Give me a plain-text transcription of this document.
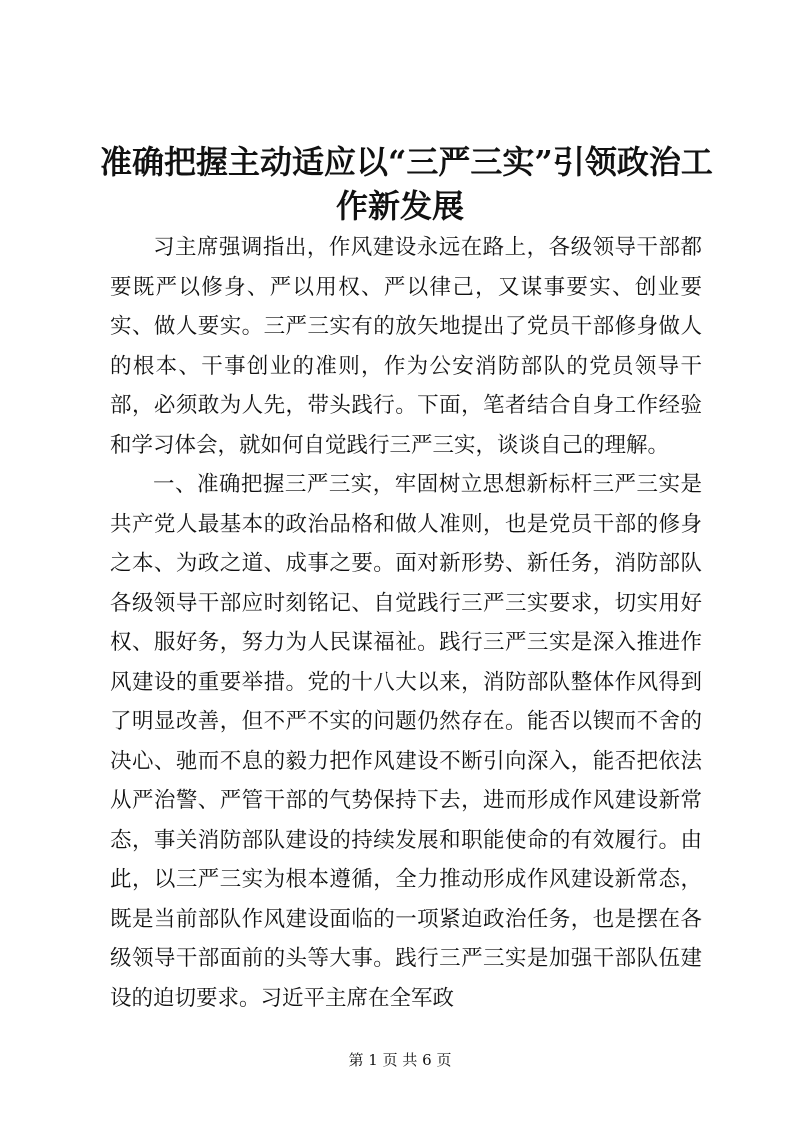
准确把握主动适应以“三严三实”引领政治工
作新发展

习主席强调指出，作风建设永远在路上，各级领导干部都要既严以修身、严以用权、严以律己，又谋事要实、创业要实、做人要实。三严三实有的放矢地提出了党员干部修身做人的根本、干事创业的准则，作为公安消防部队的党员领导干部，必须敢为人先，带头践行。下面，笔者结合自身工作经验和学习体会，就如何自觉践行三严三实，谈谈自己的理解。

一、准确把握三严三实，牢固树立思想新标杆三严三实是共产党人最基本的政治品格和做人准则，也是党员干部的修身之本、为政之道、成事之要。面对新形势、新任务，消防部队各级领导干部应时刻铭记、自觉践行三严三实要求，切实用好权、服好务，努力为人民谋福祉。践行三严三实是深入推进作风建设的重要举措。党的十八大以来，消防部队整体作风得到了明显改善，但不严不实的问题仍然存在。能否以锲而不舍的决心、驰而不息的毅力把作风建设不断引向深入，能否把依法从严治警、严管干部的气势保持下去，进而形成作风建设新常态，事关消防部队建设的持续发展和职能使命的有效履行。由此，以三严三实为根本遵循，全力推动形成作风建设新常态，既是当前部队作风建设面临的一项紧迫政治任务，也是摆在各级领导干部面前的头等大事。践行三严三实是加强干部队伍建设的迫切要求。习近平主席在全军政

第 1 页 共 6 页
